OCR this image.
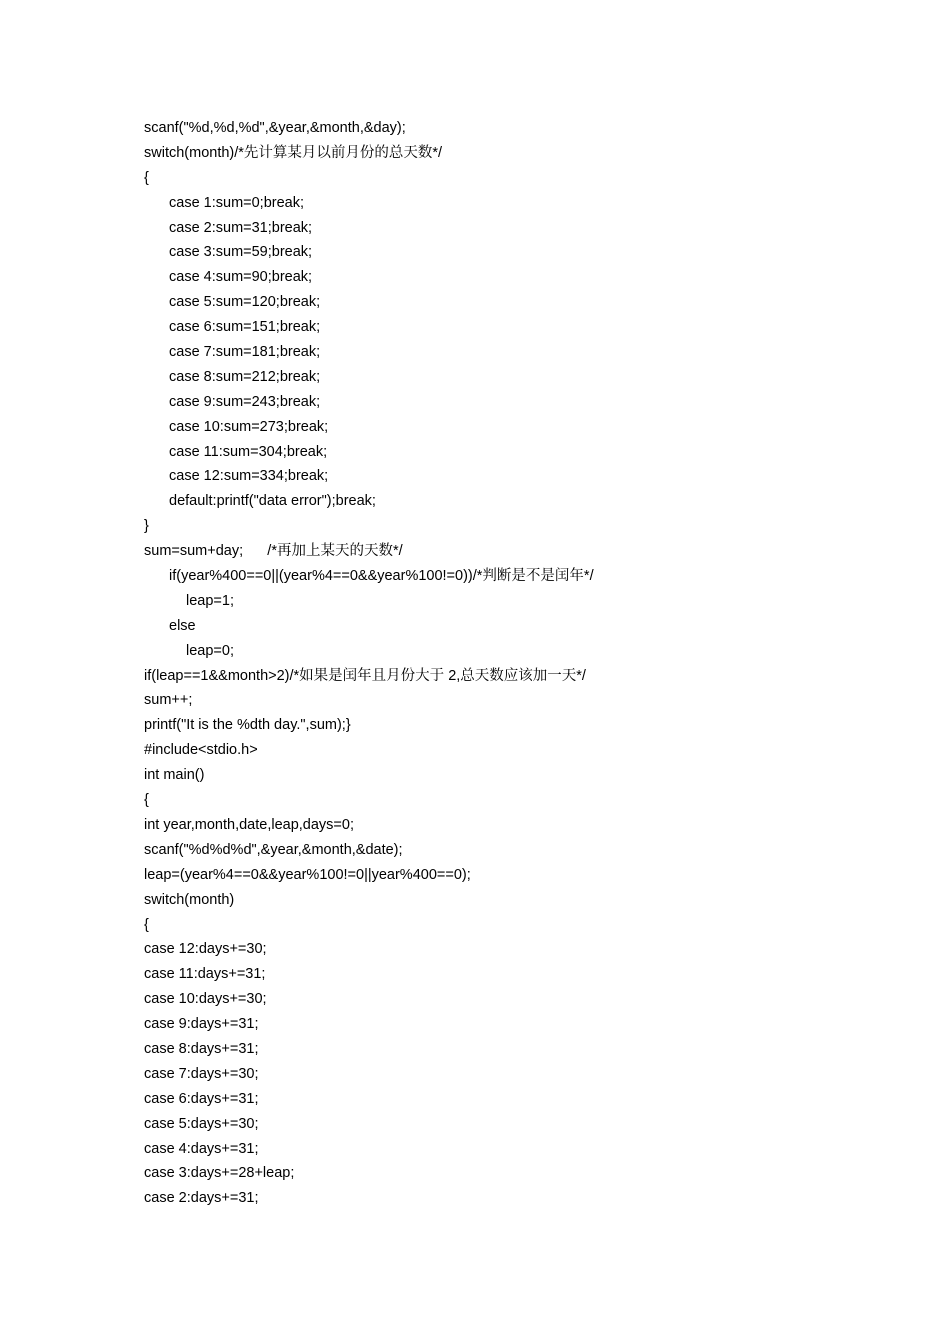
scanf("%d,%d,%d",&year,&month,&day);
switch(month)/*先计算某月以前月份的总天数*/
{
case 1:sum=0;break;
case 2:sum=31;break;
case 3:sum=59;break;
case 4:sum=90;break;
case 5:sum=120;break;
case 6:sum=151;break;
case 7:sum=181;break;
case 8:sum=212;break;
case 9:sum=243;break;
case 10:sum=273;break;
case 11:sum=304;break;
case 12:sum=334;break;
default:printf("data error");break;
}
sum=sum+day;      /*再加上某天的天数*/
if(year%400==0||(year%4==0&&year%100!=0))/*判断是不是闰年*/
leap=1;
else
leap=0;
if(leap==1&&month>2)/*如果是闰年且月份大于 2,总天数应该加一天*/
sum++;
printf("It is the %dth day.",sum);}
#include<stdio.h>
int main()
{
int year,month,date,leap,days=0;
scanf("%d%d%d",&year,&month,&date);
leap=(year%4==0&&year%100!=0||year%400==0);
switch(month)
{
case 12:days+=30;
case 11:days+=31;
case 10:days+=30;
case 9:days+=31;
case 8:days+=31;
case 7:days+=30;
case 6:days+=31;
case 5:days+=30;
case 4:days+=31;
case 3:days+=28+leap;
case 2:days+=31;
